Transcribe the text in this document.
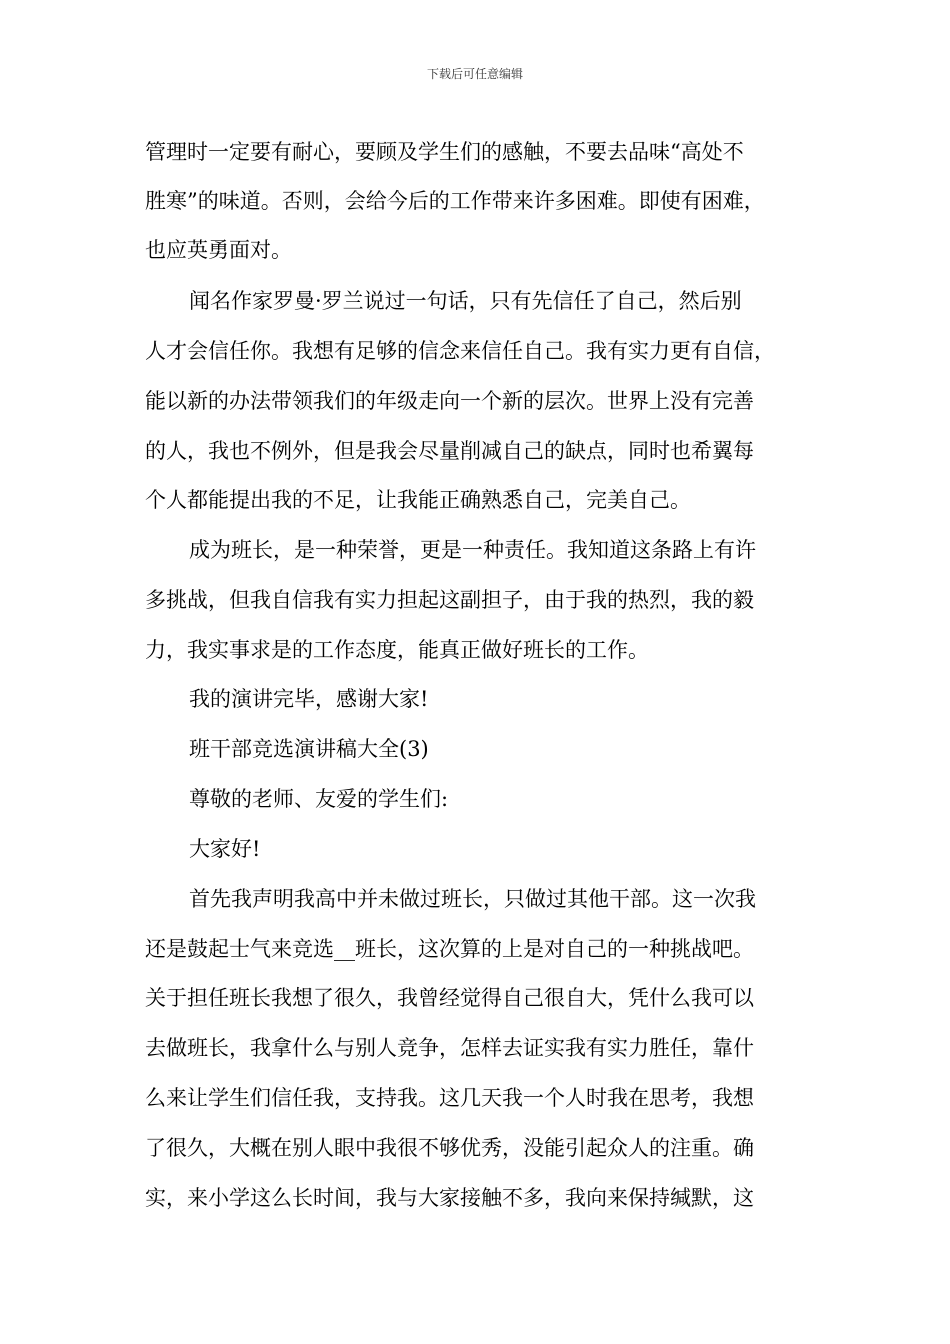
下载后可任意编辑
管理时一定要有耐心，要顾及学生们的感触，不要去品味“高处不
胜寒”的味道。否则，会给今后的工作带来许多困难。即使有困难，
也应英勇面对。
闻名作家罗曼·罗兰说过一句话，只有先信任了自己，然后别
人才会信任你。我想有足够的信念来信任自己。我有实力更有自信，
能以新的办法带领我们的年级走向一个新的层次。世界上没有完善
的人，我也不例外，但是我会尽量削减自己的缺点，同时也希翼每
个人都能提出我的不足，让我能正确熟悉自己，完美自己。
成为班长，是一种荣誉，更是一种责任。我知道这条路上有许
多挑战，但我自信我有实力担起这副担子，由于我的热烈，我的毅
力，我实事求是的工作态度，能真正做好班长的工作。
我的演讲完毕，感谢大家!
班干部竞选演讲稿大全(3)
尊敬的老师、友爱的学生们:
大家好!
首先我声明我高中并未做过班长，只做过其他干部。这一次我
还是鼓起士气来竞选__班长，这次算的上是对自己的一种挑战吧。
关于担任班长我想了很久，我曾经觉得自己很自大，凭什么我可以
去做班长，我拿什么与别人竞争，怎样去证实我有实力胜任，靠什
么来让学生们信任我，支持我。这几天我一个人时我在思考，我想
了很久，大概在别人眼中我很不够优秀，没能引起众人的注重。确
实，来小学这么长时间，我与大家接触不多，我向来保持缄默，这
